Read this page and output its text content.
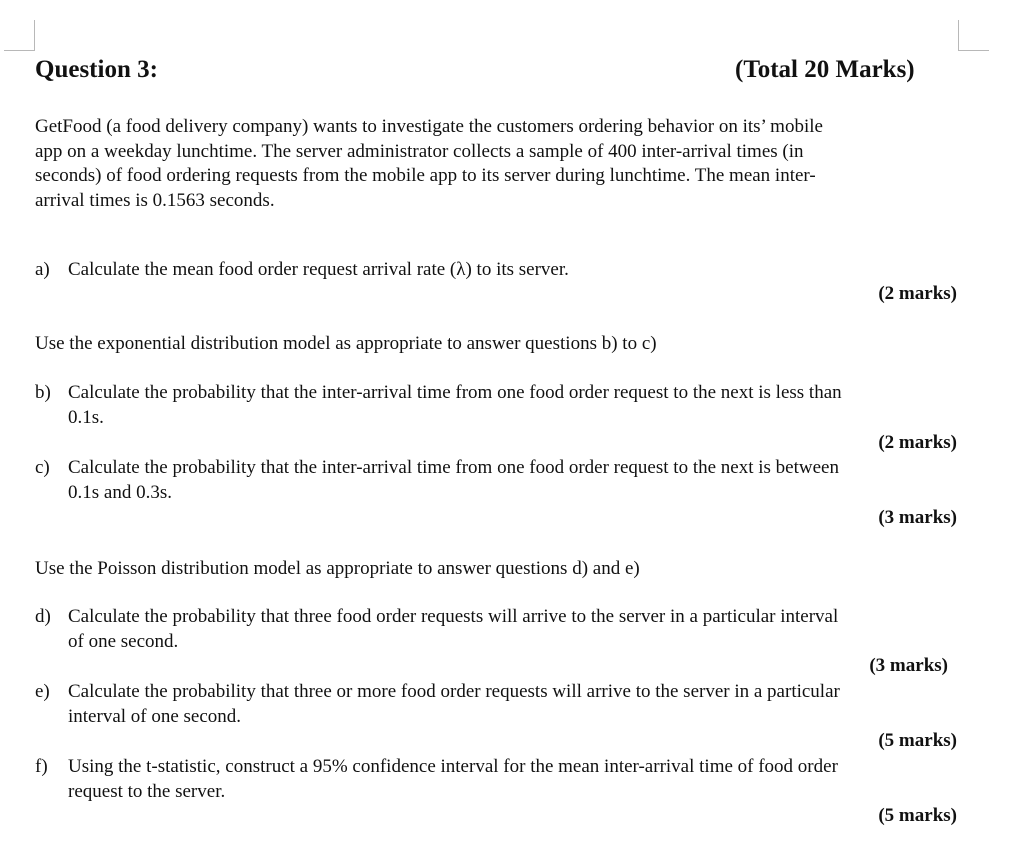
Question 3:	(Total 20 Marks)
GetFood (a food delivery company) wants to investigate the customers ordering behavior on its’ mobile
app on a weekday lunchtime. The server administrator collects a sample of 400 inter-arrival times (in
seconds) of food ordering requests from the mobile app to its server during lunchtime. The mean inter-
arrival times is 0.1563 seconds.
a) Calculate the mean food order request arrival rate (λ) to its server.
(2 marks)
Use the exponential distribution model as appropriate to answer questions b) to c)
b) Calculate the probability that the inter-arrival time from one food order request to the next is less than
0.1s.
(2 marks)
c) Calculate the probability that the inter-arrival time from one food order request to the next is between
0.1s and 0.3s.
(3 marks)
Use the Poisson distribution model as appropriate to answer questions d) and e)
d) Calculate the probability that three food order requests will arrive to the server in a particular interval
of one second.
(3 marks)
e) Calculate the probability that three or more food order requests will arrive to the server in a particular
interval of one second.
(5 marks)
f) Using the t-statistic, construct a 95% confidence interval for the mean inter-arrival time of food order
request to the server.
(5 marks)
